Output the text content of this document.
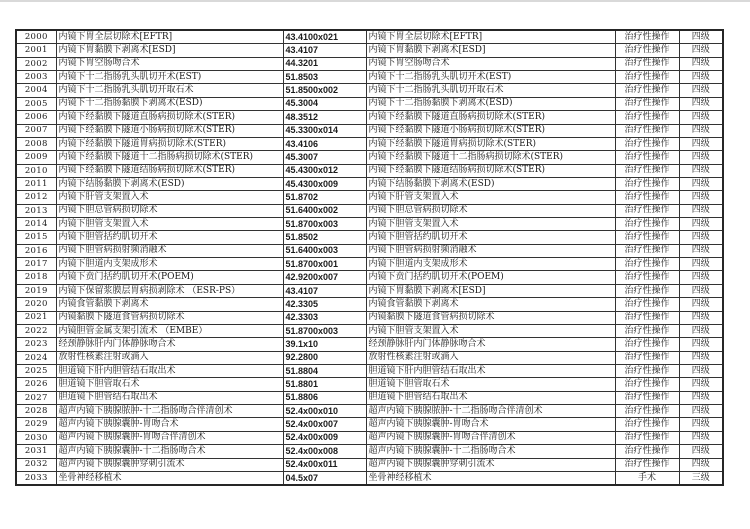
2000	内镜下胃全层切除术[EFTR]	43.4100x021	内镜下胃全层切除术[EFTR]	治疗性操作	四级
2001	内镜下胃黏膜下剥离术[ESD]	43.4107	内镜下胃黏膜下剥离术[ESD]	治疗性操作	四级
2002	内镜下胃空肠吻合术	44.3201	内镜下胃空肠吻合术	治疗性操作	四级
2003	内镜下十二指肠乳头肌切开术(EST)	51.8503	内镜下十二指肠乳头肌切开术(EST)	治疗性操作	四级
2004	内镜下十二指肠乳头肌切开取石术	51.8500x002	内镜下十二指肠乳头肌切开取石术	治疗性操作	四级
2005	内镜下十二指肠黏膜下剥离术(ESD)	45.3004	内镜下十二指肠黏膜下剥离术(ESD)	治疗性操作	四级
2006	内镜下经黏膜下隧道直肠病损切除术(STER)	48.3512	内镜下经黏膜下隧道直肠病损切除术(STER)	治疗性操作	四级
2007	内镜下经黏膜下隧道小肠病损切除术(STER)	45.3300x014	内镜下经黏膜下隧道小肠病损切除术(STER)	治疗性操作	四级
2008	内镜下经黏膜下隧道胃病损切除术(STER)	43.4106	内镜下经黏膜下隧道胃病损切除术(STER)	治疗性操作	四级
2009	内镜下经黏膜下隧道十二指肠病损切除术(STER)	45.3007	内镜下经黏膜下隧道十二指肠病损切除术(STER)	治疗性操作	四级
2010	内镜下经黏膜下隧道结肠病损切除术(STER)	45.4300x012	内镜下经黏膜下隧道结肠病损切除术(STER)	治疗性操作	四级
2011	内镜下结肠黏膜下剥离术(ESD)	45.4300x009	内镜下结肠黏膜下剥离术(ESD)	治疗性操作	四级
2012	内镜下肝管支架置入术	51.8702	内镜下肝管支架置入术	治疗性操作	四级
2013	内镜下胆总管病损切除术	51.6400x002	内镜下胆总管病损切除术	治疗性操作	四级
2014	内镜下胆管支架置入术	51.8700x003	内镜下胆管支架置入术	治疗性操作	四级
2015	内镜下胆管括约肌切开术	51.8502	内镜下胆管括约肌切开术	治疗性操作	四级
2016	内镜下胆管病损射频消融术	51.6400x003	内镜下胆管病损射频消融术	治疗性操作	四级
2017	内镜下胆道内支架成形术	51.8700x001	内镜下胆道内支架成形术	治疗性操作	四级
2018	内镜下贲门括约肌切开术(POEM)	42.9200x007	内镜下贲门括约肌切开术(POEM)	治疗性操作	四级
2019	内镜下保留浆膜层胃病损剥除术 （ESR-PS）	43.4107	内镜下胃黏膜下剥离术[ESD]	治疗性操作	四级
2020	内镜食管黏膜下剥离术	42.3305	内镜食管黏膜下剥离术	治疗性操作	四级
2021	内镜黏膜下隧道食管病损切除术	42.3303	内镜黏膜下隧道食管病损切除术	治疗性操作	四级
2022	内镜胆管金属支架引流术 （EMBE）	51.8700x003	内镜下胆管支架置入术	治疗性操作	四级
2023	经颈静脉肝内门体静脉吻合术	39.1x10	经颈静脉肝内门体静脉吻合术	治疗性操作	四级
2024	放射性核素注射或滴入	92.2800	放射性核素注射或滴入	治疗性操作	四级
2025	胆道镜下肝内胆管结石取出术	51.8804	胆道镜下肝内胆管结石取出术	治疗性操作	四级
2026	胆道镜下胆管取石术	51.8801	胆道镜下胆管取石术	治疗性操作	四级
2027	胆道镜下胆管结石取出术	51.8806	胆道镜下胆管结石取出术	治疗性操作	四级
2028	超声内镜下胰腺脓肿-十二指肠吻合伴清创术	52.4x00x010	超声内镜下胰腺脓肿-十二指肠吻合伴清创术	治疗性操作	四级
2029	超声内镜下胰腺囊肿-胃吻合术	52.4x00x007	超声内镜下胰腺囊肿-胃吻合术	治疗性操作	四级
2030	超声内镜下胰腺囊肿-胃吻合伴清创术	52.4x00x009	超声内镜下胰腺囊肿-胃吻合伴清创术	治疗性操作	四级
2031	超声内镜下胰腺囊肿-十二指肠吻合术	52.4x00x008	超声内镜下胰腺囊肿-十二指肠吻合术	治疗性操作	四级
2032	超声内镜下胰腺囊肿穿刺引流术	52.4x00x011	超声内镜下胰腺囊肿穿刺引流术	治疗性操作	四级
2033	坐骨神经移植术	04.5x07	坐骨神经移植术	手术	三级
